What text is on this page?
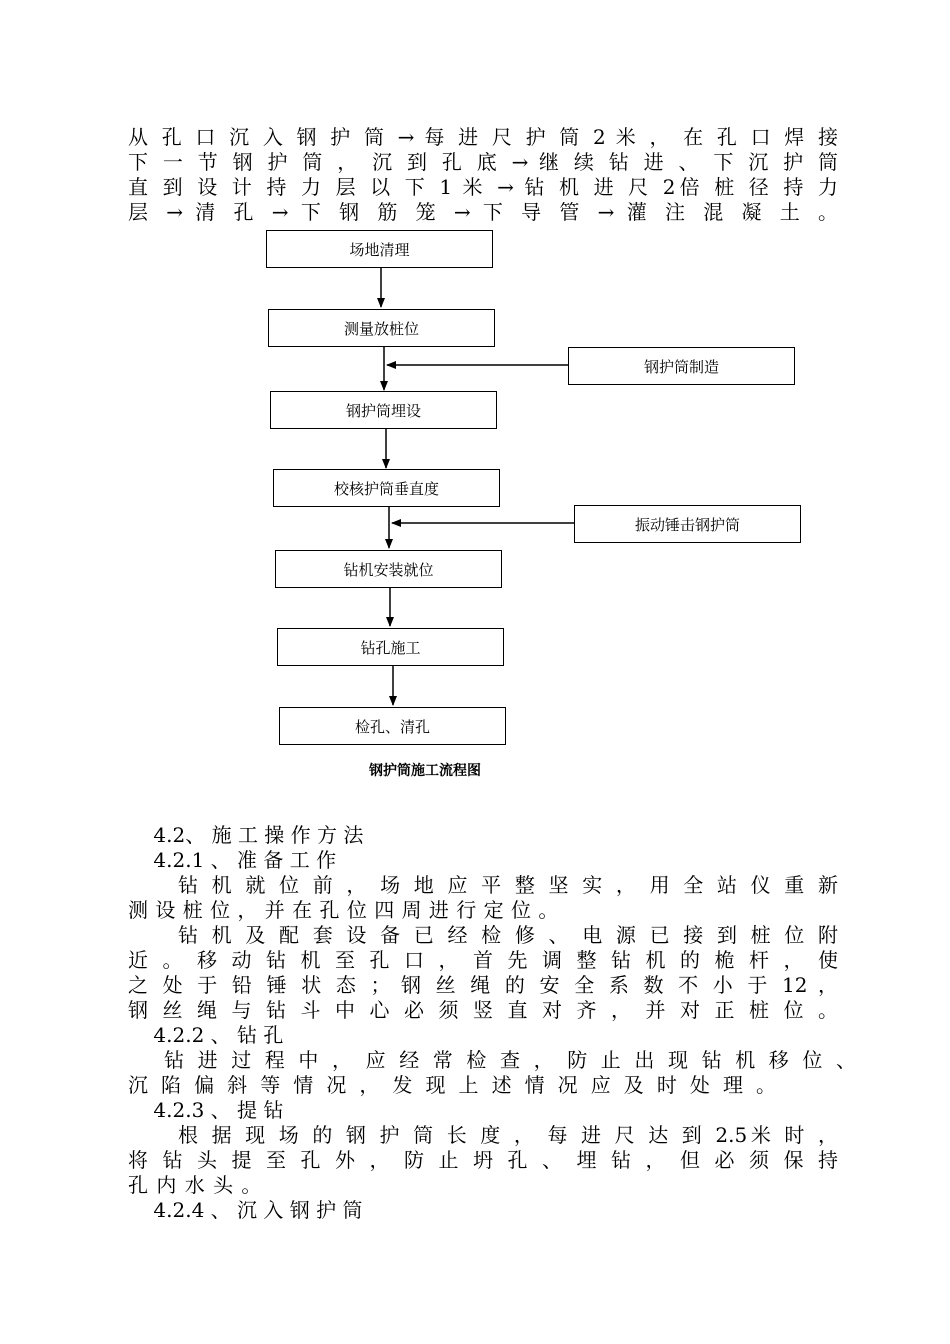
从 孔 口 沉 入 钢 护 筒 → 每 进 尺 护 筒 2 米 ， 在 孔 口 焊 接
下 一 节 钢 护 筒 ， 沉 到 孔 底 → 继 续 钻 进 、 下 沉 护 筒
直 到 设 计 持 力 层 以 下 1 米 → 钻 机 进 尺 2倍 桩 径 持 力
层 → 清 孔 → 下 钢 筋 笼 → 下 导 管 → 灌 注 混 凝 土 。
场地清理
测量放桩位
钢护筒埋设
校核护筒垂直度
钻机安装就位
钻孔施工
检孔、清孔
钢护筒制造
振动锤击钢护筒
钢护筒施工流程图
4.2、 施 工 操 作 方 法
4.2.1 、 准 备 工 作
钻 机 就 位 前 ， 场 地 应 平 整 坚 实 ， 用 全 站 仪 重 新
测 设 桩 位 ， 并 在 孔 位 四 周 进 行 定 位 。
钻 机 及 配 套 设 备 已 经 检 修 、 电 源 已 接 到 桩 位 附
近 。 移 动 钻 机 至 孔 口 ， 首 先 调 整 钻 机 的 桅 杆 ， 使
之 处 于 铅 锤 状 态 ； 钢 丝 绳 的 安 全 系 数 不 小 于 12 ，
钢 丝 绳 与 钻 斗 中 心 必 须 竖 直 对 齐 ， 并 对 正 桩 位 。
4.2.2 、 钻 孔
钻 进 过 程 中 ， 应 经 常 检 查 ， 防 止 出 现 钻 机 移 位 、
沉 陷 偏 斜 等 情 况 ， 发 现 上 述 情 况 应 及 时 处 理 。
4.2.3 、 提 钻
根 据 现 场 的 钢 护 筒 长 度 ， 每 进 尺 达 到 2.5米 时 ，
将 钻 头 提 至 孔 外 ， 防 止 坍 孔 、 埋 钻 ， 但 必 须 保 持
孔 内 水 头 。
4.2.4 、 沉 入 钢 护 筒
